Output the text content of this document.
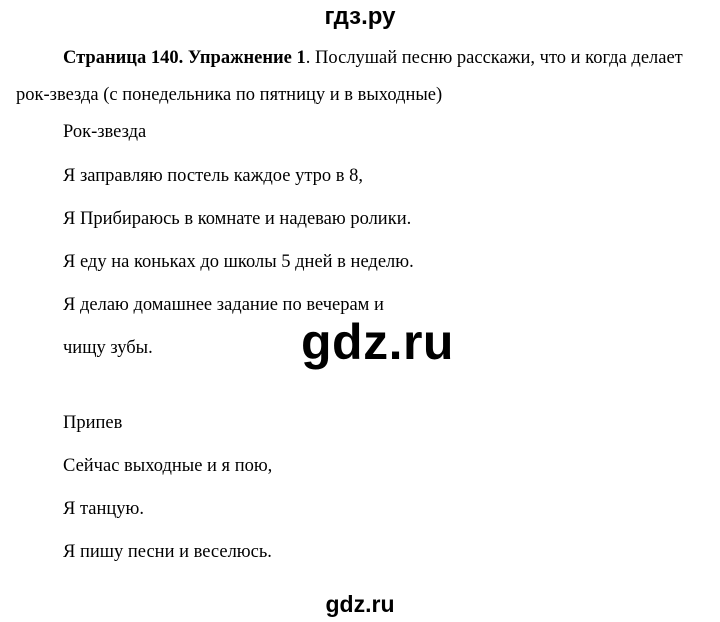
гдз.ру
Страница 140. Упражнение 1. Послушай песню расскажи, что и когда делает рок-звезда (с понедельника по пятницу и в выходные)
Рок-звезда
Я заправляю постель каждое утро в 8,
Я Прибираюсь в комнате и надеваю ролики.
Я еду на коньках до школы 5 дней в неделю.
Я делаю домашнее задание по вечерам и
чищу зубы.	gdz.ru
Припев
Сейчас выходные и я пою,
Я танцую.
Я пишу песни и веселюсь.
gdz.ru
